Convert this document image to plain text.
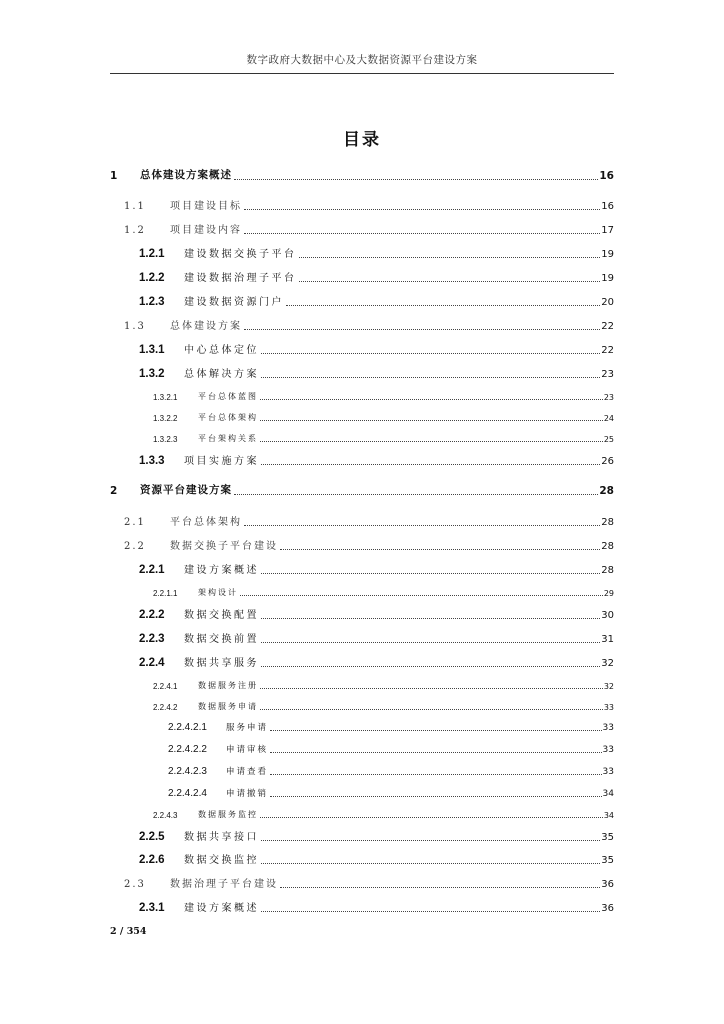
数字政府大数据中心及大数据资源平台建设方案
目录
1 总体建设方案概述	16
1.1 项目建设目标	16
1.2 项目建设内容	17
1.2.1 建设数据交换子平台	19
1.2.2 建设数据治理子平台	19
1.2.3 建设数据资源门户	20
1.3 总体建设方案	22
1.3.1 中心总体定位	22
1.3.2 总体解决方案	23
1.3.2.1	平台总体蓝图	23
1.3.2.2	平台总体架构	24
1.3.2.3	平台架构关系	25
1.3.3 项目实施方案	26
2 资源平台建设方案	28
2.1 平台总体架构	28
2.2 数据交换子平台建设	28
2.2.1 建设方案概述	28
2.2.1.1	架构设计	29
2.2.2 数据交换配置	30
2.2.3 数据交换前置	31
2.2.4 数据共享服务	32
2.2.4.1	数据服务注册	32
2.2.4.2	数据服务申请	33
2.2.4.2.1 服务申请	33
2.2.4.2.2 申请审核	33
2.2.4.2.3 申请查看	33
2.2.4.2.4 申请撤销	34
2.2.4.3	数据服务监控	34
2.2.5 数据共享接口	35
2.2.6 数据交换监控	35
2.3 数据治理子平台建设	36
2.3.1 建设方案概述	36
2 / 354
